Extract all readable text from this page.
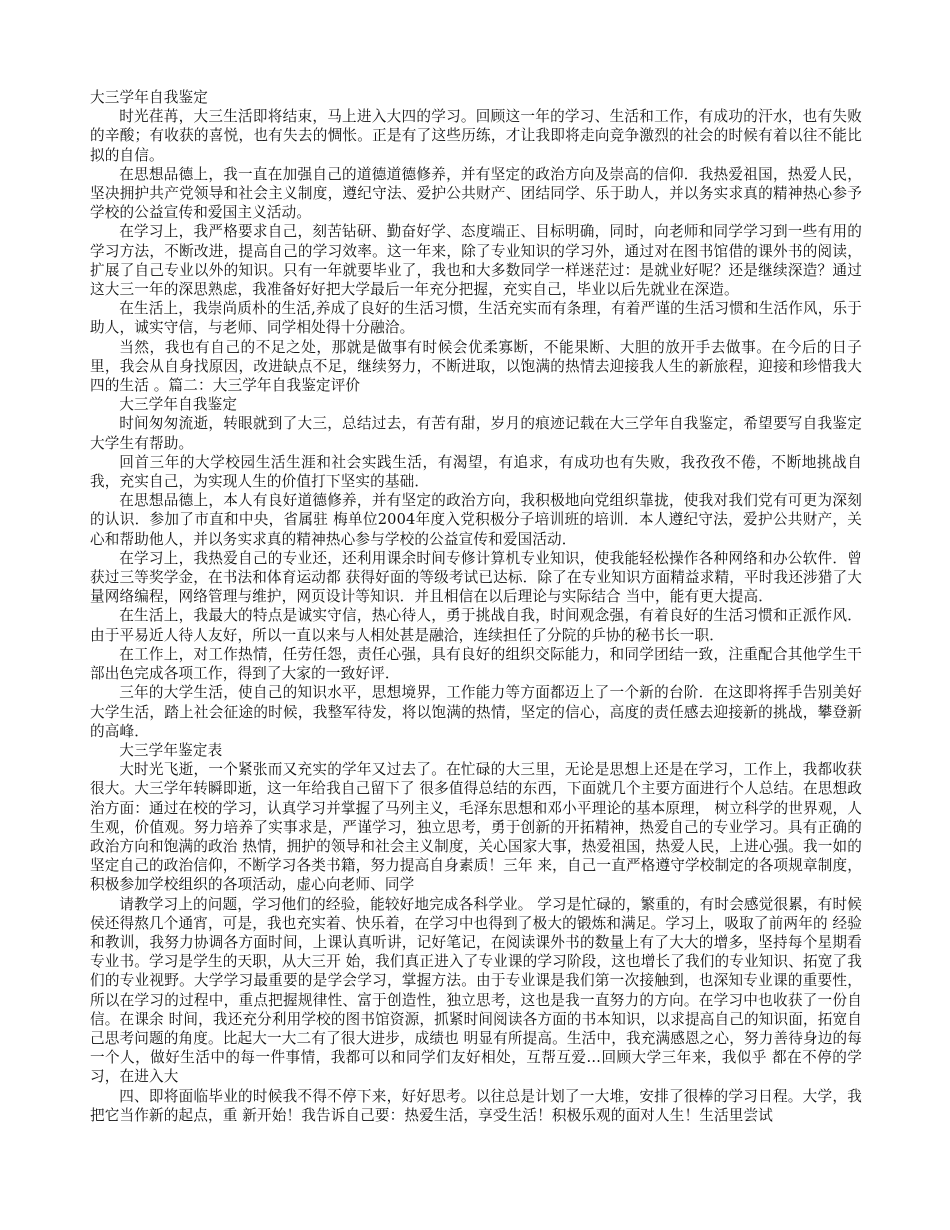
大三学年自我鉴定

时光荏苒，大三生活即将结束，马上进入大四的学习。回顾这一年的学习、生活和工作，有成功的汗水，也有失败的辛酸；有收获的喜悦，也有失去的惆怅。正是有了这些历练，才让我即将走向竞争激烈的社会的时候有着以往不能比拟的自信。

在思想品德上，我一直在加强自己的道德道德修养，并有坚定的政治方向及崇高的信仰．我热爱祖国，热爱人民，坚决拥护共产党领导和社会主义制度，遵纪守法、爱护公共财产、团结同学、乐于助人，并以务实求真的精神热心参予学校的公益宣传和爱国主义活动。

在学习上，我严格要求自己，刻苦钻研、勤奋好学、态度端正、目标明确，同时，向老师和同学学习到一些有用的学习方法，不断改进，提高自己的学习效率。这一年来，除了专业知识的学习外，通过对在图书馆借的课外书的阅读，扩展了自己专业以外的知识。只有一年就要毕业了，我也和大多数同学一样迷茫过：是就业好呢？还是继续深造？通过这大三一年的深思熟虑，我准备好好把大学最后一年充分把握，充实自己，毕业以后先就业在深造。

在生活上，我崇尚质朴的生活,养成了良好的生活习惯，生活充实而有条理，有着严谨的生活习惯和生活作风，乐于助人，诚实守信，与老师、同学相处得十分融洽。

当然，我也有自己的不足之处，那就是做事有时候会优柔寡断，不能果断、大胆的放开手去做事。在今后的日子里，我会从自身找原因，改进缺点不足，继续努力，不断进取，以饱满的热情去迎接我人生的新旅程，迎接和珍惜我大四的生活 。篇二：大三学年自我鉴定评价

大三学年自我鉴定

时间匆匆流逝，转眼就到了大三，总结过去，有苦有甜，岁月的痕迹记载在大三学年自我鉴定，希望要写自我鉴定大学生有帮助。

回首三年的大学校园生活生涯和社会实践生活，有渴望，有追求，有成功也有失败，我孜孜不倦，不断地挑战自我，充实自己，为实现人生的价值打下坚实的基础．

在思想品德上，本人有良好道德修养，并有坚定的政治方向，我积极地向党组织靠拢，使我对我们党有可更为深刻的认识．参加了市直和中央，省属驻 梅单位2004年度入党积极分子培训班的培训．本人遵纪守法，爱护公共财产，关心和帮助他人，并以务实求真的精神热心参与学校的公益宣传和爱国活动．

在学习上，我热爱自己的专业还，还利用课余时间专修计算机专业知识，使我能轻松操作各种网络和办公软件．曾获过三等奖学金，在书法和体育运动都 获得好面的等级考试已达标．除了在专业知识方面精益求精，平时我还涉猎了大量网络编程，网络管理与维护，网页设计等知识．并且相信在以后理论与实际结合 当中，能有更大提高．

在生活上，我最大的特点是诚实守信，热心待人，勇于挑战自我，时间观念强，有着良好的生活习惯和正派作风．由于平易近人待人友好，所以一直以来与人相处甚是融洽，连续担任了分院的乒协的秘书长一职．

在工作上，对工作热情，任劳任怨，责任心强，具有良好的组织交际能力，和同学团结一致，注重配合其他学生干部出色完成各项工作，得到了大家的一致好评．

三年的大学生活，使自己的知识水平，思想境界，工作能力等方面都迈上了一个新的台阶．在这即将挥手告别美好大学生活，踏上社会征途的时候，我整军待发，将以饱满的热情，坚定的信心，高度的责任感去迎接新的挑战，攀登新的高峰．

大三学年鉴定表

大时光飞逝，一个紧张而又充实的学年又过去了。在忙碌的大三里，无论是思想上还是在学习，工作上，我都收获很大。大三学年转瞬即逝，这一年给我自己留下了 很多值得总结的东西，下面就几个主要方面进行个人总结。在思想政治方面：通过在校的学习，认真学习并掌握了马列主义，毛泽东思想和邓小平理论的基本原理， 树立科学的世界观，人生观，价值观。努力培养了实事求是，严谨学习，独立思考，勇于创新的开拓精神，热爱自己的专业学习。具有正确的政治方向和饱满的政治 热情，拥护的领导和社会主义制度，关心国家大事，热爱祖国，热爱人民，上进心强。我一如的坚定自己的政治信仰，不断学习各类书籍，努力提高自身素质！三年 来，自己一直严格遵守学校制定的各项规章制度，积极参加学校组织的各项活动，虚心向老师、同学

请教学习上的问题，学习他们的经验，能较好地完成各科学业。 学习是忙碌的，繁重的，有时会感觉很累，有时候侯还得熬几个通宵，可是，我也充实着、快乐着，在学习中也得到了极大的锻炼和满足。学习上，吸取了前两年的 经验和教训，我努力协调各方面时间，上课认真听讲，记好笔记，在阅读课外书的数量上有了大大的增多，坚持每个星期看专业书。学习是学生的天职，从大三开 始，我们真正进入了专业课的学习阶段，这也增长了我们的专业知识、拓宽了我们的专业视野。大学学习最重要的是学会学习，掌握方法。由于专业课是我们第一次接触到，也深知专业课的重要性，所以在学习的过程中，重点把握规律性、富于创造性，独立思考，这也是我一直努力的方向。在学习中也收获了一份自信。在课余 时间，我还充分利用学校的图书馆资源，抓紧时间阅读各方面的书本知识，以求提高自己的知识面，拓宽自己思考问题的角度。比起大一大二有了很大进步，成绩也 明显有所提高。生活中，我充满感恩之心，努力善待身边的每一个人，做好生活中的每一件事情，我都可以和同学们友好相处，互帮互爱…回顾大学三年来，我似乎 都在不停的学习，在进入大

四、即将面临毕业的时候我不得不停下来，好好思考。以往总是计划了一大堆，安排了很棒的学习日程。大学，我把它当作新的起点，重 新开始！我告诉自己要：热爱生活，享受生活！积极乐观的面对人生！生活里尝试
